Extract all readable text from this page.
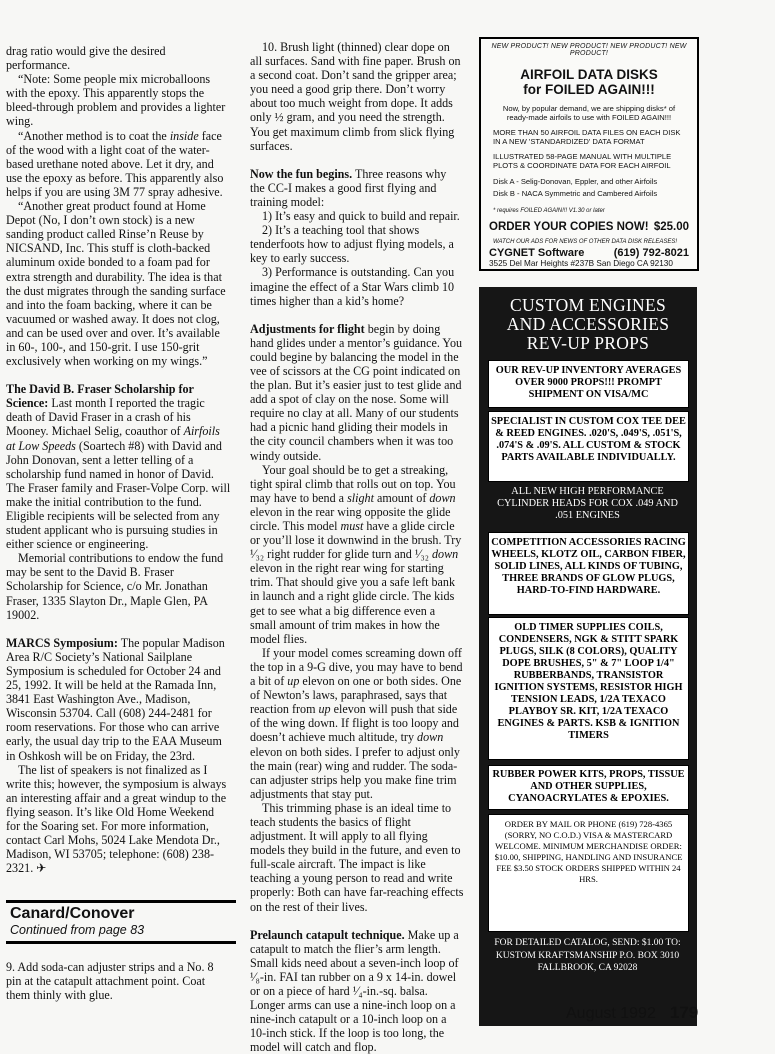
drag ratio would give the desired performance.

“Note: Some people mix microballoons with the epoxy. This apparently stops the bleed-through problem and provides a lighter wing.

“Another method is to coat the inside face of the wood with a light coat of the water-based urethane noted above. Let it dry, and use the epoxy as before. This apparently also helps if you are using 3M 77 spray adhesive.

“Another great product found at Home Depot (No, I don’t own stock) is a new sanding product called Rinse’n Reuse by NICSAND, Inc. This stuff is cloth-backed aluminum oxide bonded to a foam pad for extra strength and durability. The idea is that the dust migrates through the sanding surface and into the foam backing, where it can be vacuumed or washed away. It does not clog, and can be used over and over. It’s available in 60-, 100-, and 150-grit. I use 150-grit exclusively when working on my wings.”

The David B. Fraser Scholarship for Science: Last month I reported the tragic death of David Fraser in a crash of his Mooney. Michael Selig, coauthor of Airfoils at Low Speeds (Soartech #8) with David and John Donovan, sent a letter telling of a scholarship fund named in honor of David. The Fraser family and Fraser-Volpe Corp. will make the initial contribution to the fund. Eligible recipients will be selected from any student applicant who is pursuing studies in either science or engineering.

Memorial contributions to endow the fund may be sent to the David B. Fraser Scholarship for Science, c/o Mr. Jonathan Fraser, 1335 Slayton Dr., Maple Glen, PA 19002.

MARCS Symposium: The popular Madison Area R/C Society’s National Sailplane Symposium is scheduled for October 24 and 25, 1992. It will be held at the Ramada Inn, 3841 East Washington Ave., Madison, Wisconsin 53704. Call (608) 244-2481 for room reservations. For those who can arrive early, the usual day trip to the EAA Museum in Oshkosh will be on Friday, the 23rd.

The list of speakers is not finalized as I write this; however, the symposium is always an interesting affair and a great windup to the flying season. It’s like Old Home Weekend for the Soaring set. For more information, contact Carl Mohs, 5024 Lake Mendota Dr., Madison, WI 53705; telephone: (608) 238-2321. ✈

Canard/Conover
Continued from page 83

9. Add soda-can adjuster strips and a No. 8 pin at the catapult attachment point. Coat them thinly with glue.

10. Brush light (thinned) clear dope on all surfaces. Sand with fine paper. Brush on a second coat. Don’t sand the gripper area; you need a good grip there. Don’t worry about too much weight from dope. It adds only ½ gram, and you need the strength. You get maximum climb from slick flying surfaces.

Now the fun begins. Three reasons why the CC-I makes a good first flying and training model:

1) It’s easy and quick to build and repair.

2) It’s a teaching tool that shows tenderfoots how to adjust flying models, a key to early success.

3) Performance is outstanding. Can you imagine the effect of a Star Wars climb 10 times higher than a kid’s home?

Adjustments for flight begin by doing hand glides under a mentor’s guidance. You could begine by balancing the model in the vee of scissors at the CG point indicated on the plan. But it’s easier just to test glide and add a spot of clay on the nose. Some will require no clay at all. Many of our students had a picnic hand gliding their models in the city council chambers when it was too windy outside.

Your goal should be to get a streaking, tight spiral climb that rolls out on top. You may have to bend a slight amount of down elevon in the rear wing opposite the glide circle. This model must have a glide circle or you’ll lose it downwind in the brush. Try ¹⁄₃₂ right rudder for glide turn and ¹⁄₃₂ down elevon in the right rear wing for starting trim. That should give you a safe left bank in launch and a right glide circle. The kids get to see what a big difference even a small amount of trim makes in how the model flies.

If your model comes screaming down off the top in a 9-G dive, you may have to bend a bit of up elevon on one or both sides. One of Newton’s laws, paraphrased, says that reaction from up elevon will push that side of the wing down. If flight is too loopy and doesn’t achieve much altitude, try down elevon on both sides. I prefer to adjust only the main (rear) wing and rudder. The soda-can adjuster strips help you make fine trim adjustments that stay put.

This trimming phase is an ideal time to teach students the basics of flight adjustment. It will apply to all flying models they build in the future, and even to full-scale aircraft. The impact is like teaching a young person to read and write properly: Both can have far-reaching effects on the rest of their lives.

Prelaunch catapult technique. Make up a catapult to match the flier’s arm length. Small kids need about a seven-inch loop of ¹⁄₈-in. FAI tan rubber on a 9 x 14-in. dowel or on a piece of hard ¹⁄₄-in.-sq. balsa. Longer arms can use a nine-inch loop on a nine-inch catapult or a 10-inch loop on a 10-inch stick. If the loop is too long, the model will catch and flop.

NEW PRODUCT! NEW PRODUCT! NEW PRODUCT! NEW PRODUCT!
AIRFOIL DATA DISKS
for FOILED AGAIN!!!
Now, by popular demand, we are shipping disks* of ready-made airfoils to use with FOILED AGAIN!!!
MORE THAN 50 AIRFOIL DATA FILES ON EACH DISK IN A NEW 'STANDARDIZED' DATA FORMAT
ILLUSTRATED 58-PAGE MANUAL WITH MULTIPLE PLOTS & COORDINATE DATA FOR EACH AIRFOIL
Disk A - Selig-Donovan, Eppler, and other Airfoils
Disk B - NACA Symmetric and Cambered Airfoils
* requires FOILED AGAIN!!! V1.30 or later
ORDER YOUR COPIES NOW! $25.00
WATCH OUR ADS FOR NEWS OF OTHER DATA DISK RELEASES!
CYGNET Software	(619) 792-8021
3525 Del Mar Heights #237B San Diego CA 92130
CUSTOM ENGINES
AND ACCESSORIES
REV-UP PROPS
OUR REV-UP INVENTORY AVERAGES OVER 9000 PROPS!!! PROMPT SHIPMENT ON VISA/MC
SPECIALIST IN CUSTOM COX TEE DEE & REED ENGINES. .020'S, .049'S, .051'S, .074'S & .09'S. ALL CUSTOM & STOCK PARTS AVAILABLE INDIVIDUALLY.
ALL NEW HIGH PERFORMANCE CYLINDER HEADS FOR COX .049 AND .051 ENGINES
COMPETITION ACCESSORIES RACING WHEELS, KLOTZ OIL, CARBON FIBER, SOLID LINES, ALL KINDS OF TUBING, THREE BRANDS OF GLOW PLUGS, HARD-TO-FIND HARDWARE.
OLD TIMER SUPPLIES COILS, CONDENSERS, NGK & STITT SPARK PLUGS, SILK (8 COLORS), QUALITY DOPE BRUSHES, 5" & 7" LOOP 1/4" RUBBERBANDS, TRANSISTOR IGNITION SYSTEMS, RESISTOR HIGH TENSION LEADS, 1/2A TEXACO PLAYBOY SR. KIT, 1/2A TEXACO ENGINES & PARTS. KSB & IGNITION TIMERS
RUBBER POWER KITS, PROPS, TISSUE AND OTHER SUPPLIES, CYANOACRYLATES & EPOXIES.
ORDER BY MAIL OR PHONE (619) 728-4365 (SORRY, NO C.O.D.) VISA & MASTERCARD WELCOME. MINIMUM MERCHANDISE ORDER: $10.00, SHIPPING, HANDLING AND INSURANCE FEE $3.50 STOCK ORDERS SHIPPED WITHIN 24 HRS.
FOR DETAILED CATALOG, SEND: $1.00 TO: KUSTOM KRAFTSMANSHIP P.O. BOX 3010 FALLBROOK, CA 92028
August 1992 179
